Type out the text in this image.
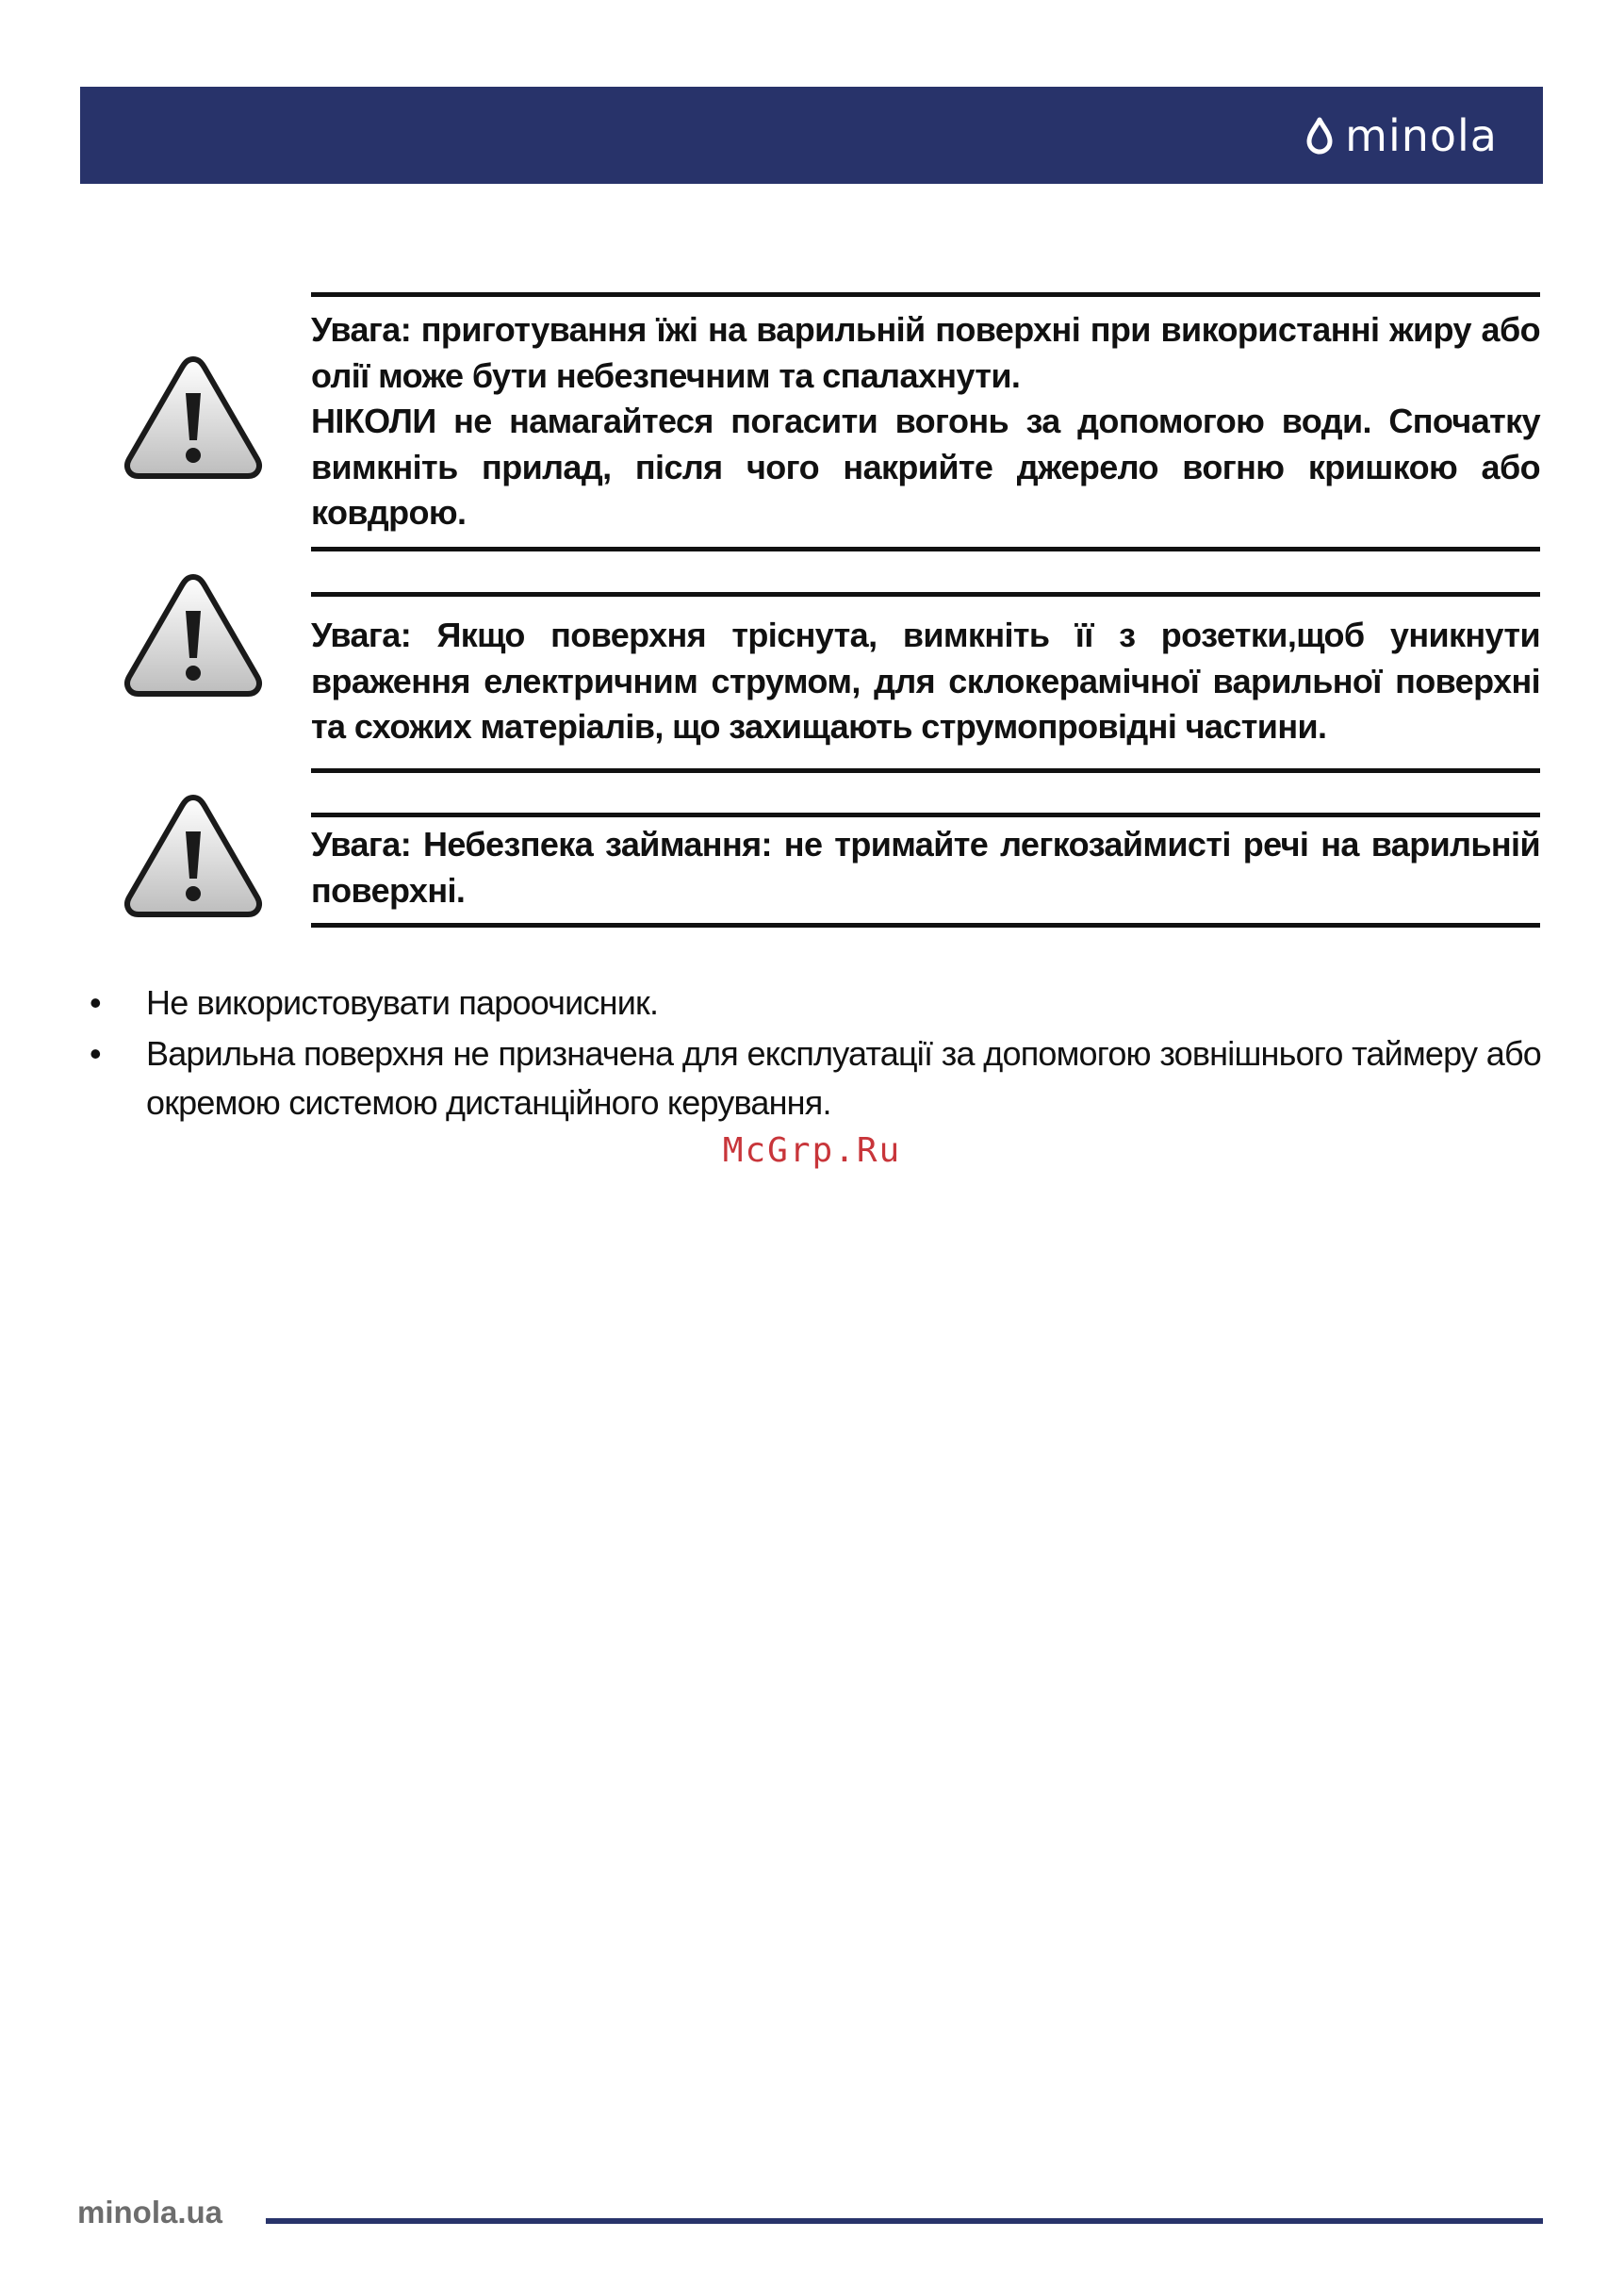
minola

Увага: приготування їжі на варильній поверхні при використанні жиру або олії може бути небезпечним та спалахнути.

НІКОЛИ не намагайтеся погасити вогонь за допомогою води. Спочатку вимкніть прилад, після чого накрийте джерело вогню кришкою або ковдрою.

Увага: Якщо поверхня тріснута, вимкніть її з розетки,щоб уникнути враження електричним струмом, для склокерамічної варильної поверхні та схожих матеріалів, що захищають струмопровідні частини.

Увага: Небезпека займання: не тримайте легкозаймисті речі на варильній поверхні.

•	Не використовувати пароочисник.
•	Варильна поверхня не призначена для експлуатації за допомогою зовнішнього таймеру або окремою системою дистанційного керування.
McGrp.Ru
minola.ua
